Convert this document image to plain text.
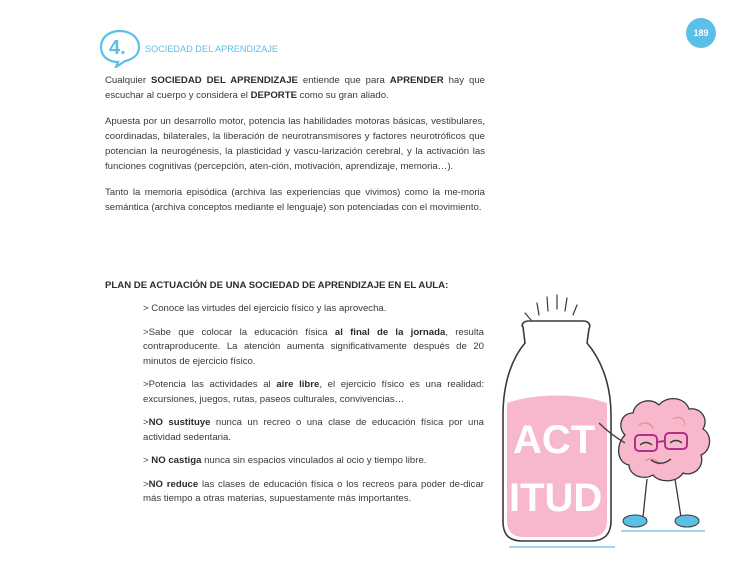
189
4. SOCIEDAD DEL APRENDIZAJE

Cualquier SOCIEDAD DEL APRENDIZAJE entiende que para APRENDER hay que escuchar al cuerpo y considera el DEPORTE como su gran aliado.

Apuesta por un desarrollo motor, potencia las habilidades motoras básicas, vestibulares, coordinadas, bilaterales, la liberación de neurotransmisores y factores neurotróficos que potencian la neurogénesis, la plasticidad y vascu-larización cerebral, y la activación las funciones cognitivas (percepción, aten-ción, motivación, aprendizaje, memoria…).

Tanto la memoria episódica (archiva las experiencias que vivimos) como la me-moria semántica (archiva conceptos mediante el lenguaje) son potenciadas con el movimiento.

PLAN DE ACTUACIÓN DE UNA SOCIEDAD DE APRENDIZAJE EN EL AULA:

> Conoce las virtudes del ejercicio físico y las aprovecha.

>Sabe que colocar la educación física al final de la jornada, resulta contraproducente. La atención aumenta significativamente después de 20 minutos de ejercicio físico.

>Potencia las actividades al aire libre, el ejercicio físico es una realidad: excursiones, juegos, rutas, paseos culturales, convivencias…

>NO sustituye nunca un recreo o una clase de educación física por una actividad sedentaria.

> NO castiga nunca sin espacios vinculados al ocio y tiempo libre.

>NO reduce las clases de educación física o los recreos para poder de-dicar más tiempo a otras materias, supuestamente más importantes.

ACT
ITUD
